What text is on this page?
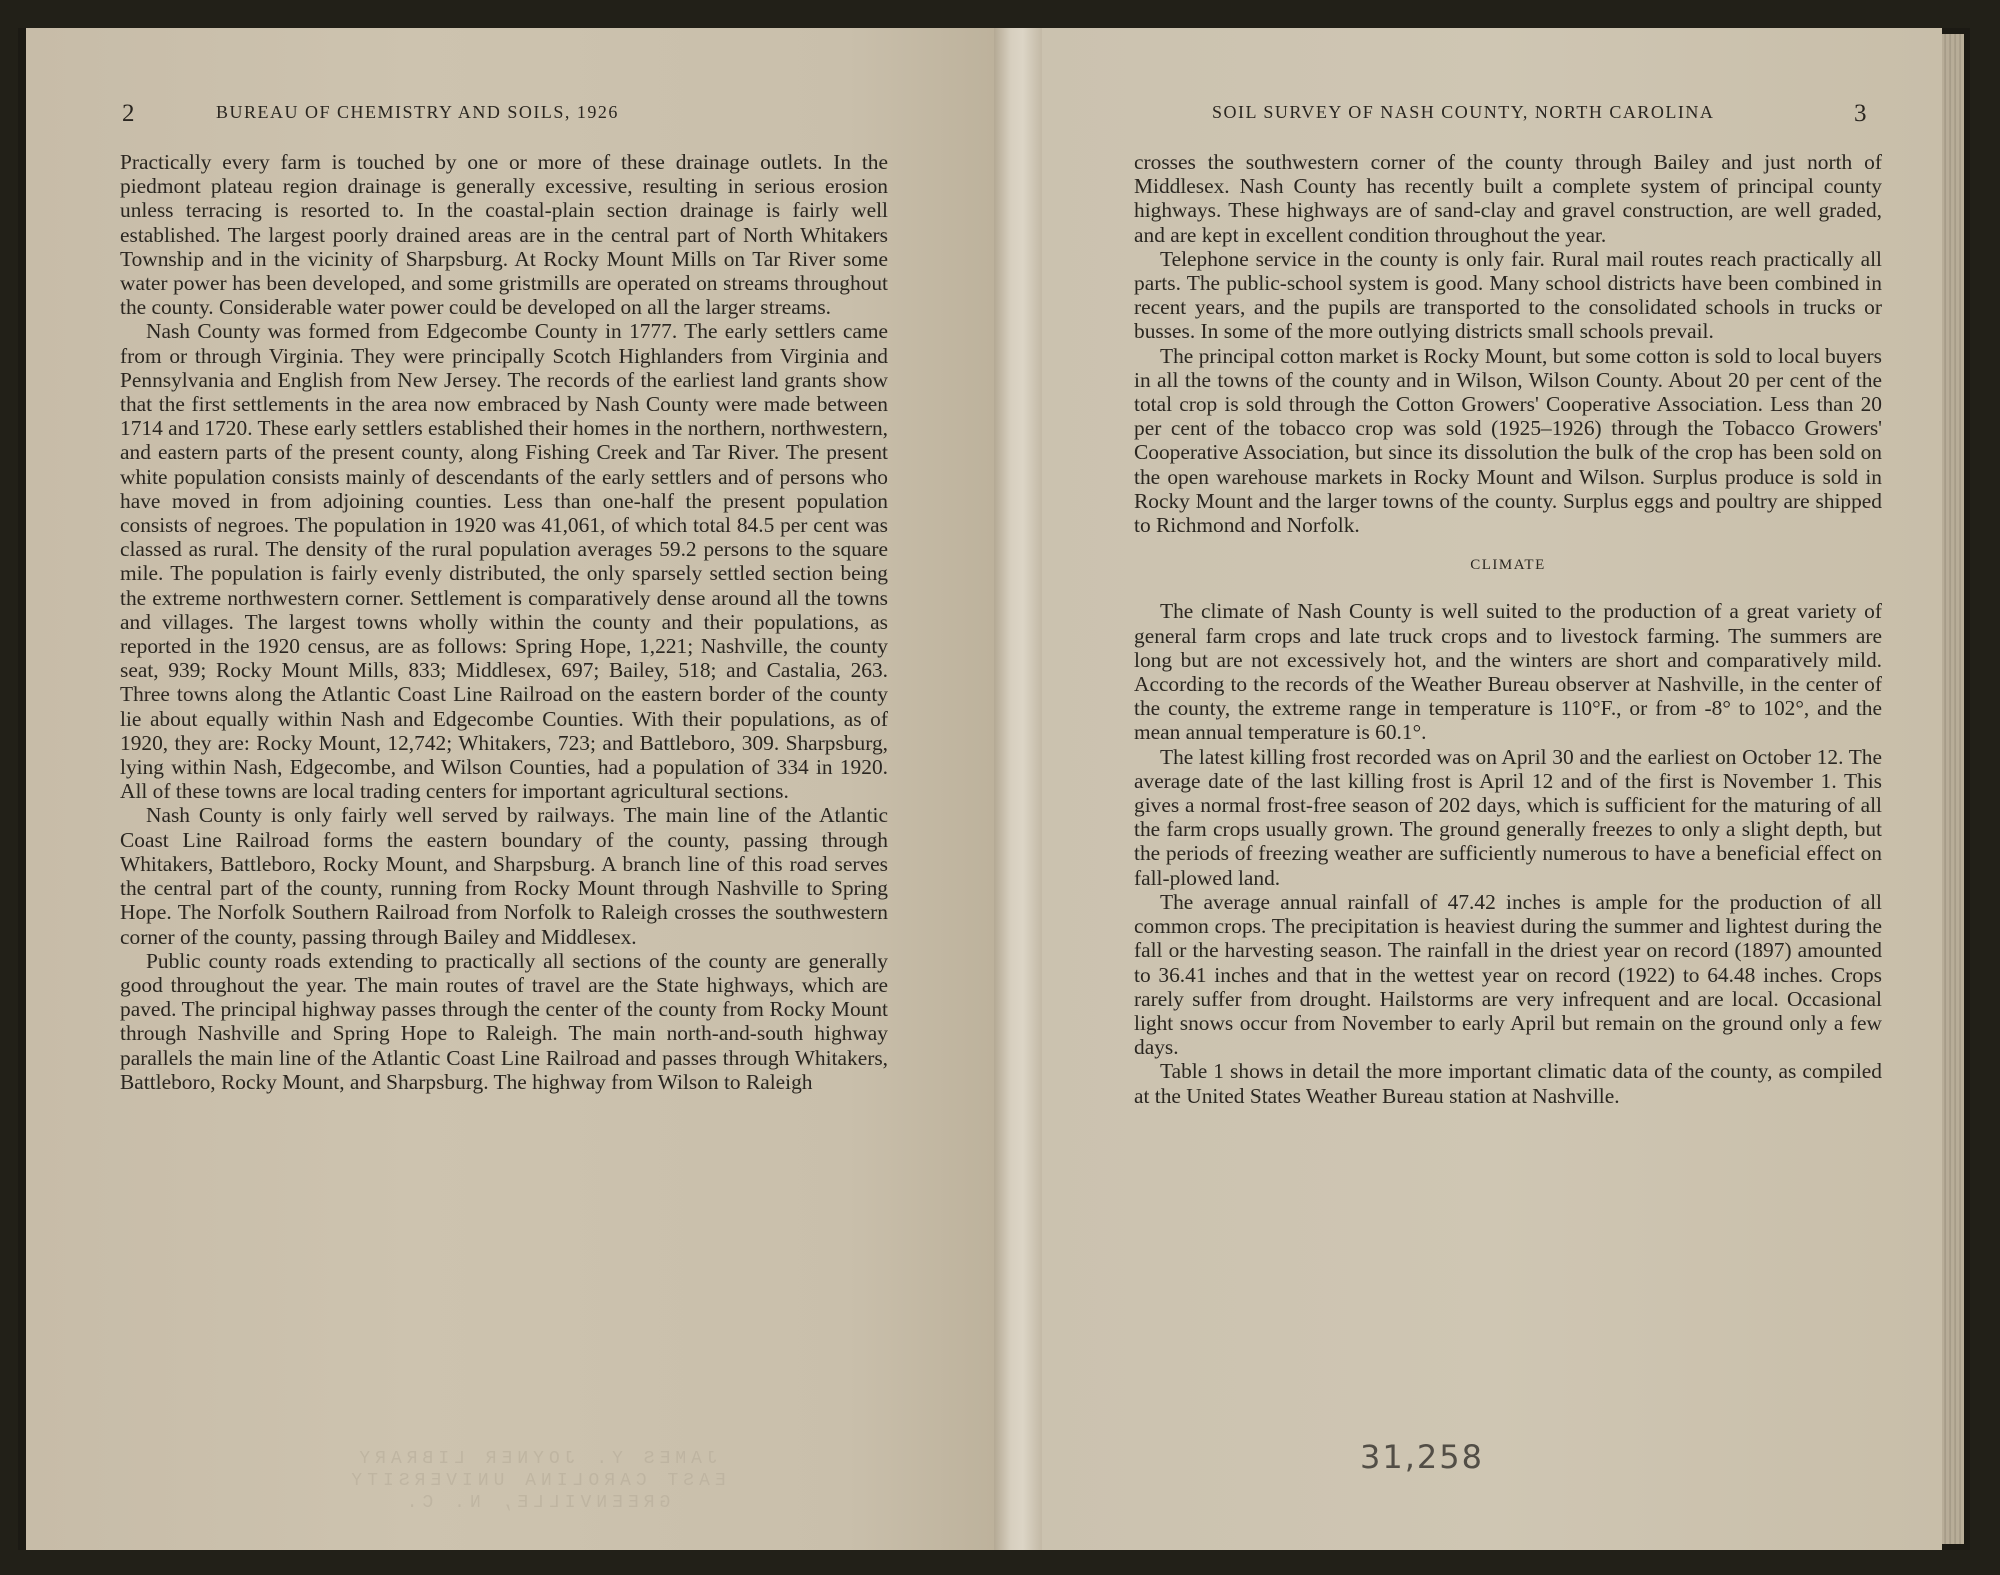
2	BUREAU OF CHEMISTRY AND SOILS, 1926

Practically every farm is touched by one or more of these drainage outlets. In the piedmont plateau region drainage is generally excessive, resulting in serious erosion unless terracing is resorted to. In the coastal-plain section drainage is fairly well established. The largest poorly drained areas are in the central part of North Whitakers Township and in the vicinity of Sharpsburg. At Rocky Mount Mills on Tar River some water power has been developed, and some gristmills are operated on streams throughout the county. Considerable water power could be developed on all the larger streams.

Nash County was formed from Edgecombe County in 1777. The early settlers came from or through Virginia. They were principally Scotch Highlanders from Virginia and Pennsylvania and English from New Jersey. The records of the earliest land grants show that the first settlements in the area now embraced by Nash County were made between 1714 and 1720. These early settlers established their homes in the northern, northwestern, and eastern parts of the present county, along Fishing Creek and Tar River. The present white population consists mainly of descendants of the early settlers and of persons who have moved in from adjoining counties. Less than one-half the present population consists of negroes. The population in 1920 was 41,061, of which total 84.5 per cent was classed as rural. The density of the rural population averages 59.2 persons to the square mile. The population is fairly evenly distributed, the only sparsely settled section being the extreme northwestern corner. Settlement is comparatively dense around all the towns and villages. The largest towns wholly within the county and their populations, as reported in the 1920 census, are as follows: Spring Hope, 1,221; Nashville, the county seat, 939; Rocky Mount Mills, 833; Middlesex, 697; Bailey, 518; and Castalia, 263. Three towns along the Atlantic Coast Line Railroad on the eastern border of the county lie about equally within Nash and Edgecombe Counties. With their populations, as of 1920, they are: Rocky Mount, 12,742; Whitakers, 723; and Battleboro, 309. Sharpsburg, lying within Nash, Edgecombe, and Wilson Counties, had a population of 334 in 1920. All of these towns are local trading centers for important agricultural sections.

Nash County is only fairly well served by railways. The main line of the Atlantic Coast Line Railroad forms the eastern boundary of the county, passing through Whitakers, Battleboro, Rocky Mount, and Sharpsburg. A branch line of this road serves the central part of the county, running from Rocky Mount through Nashville to Spring Hope. The Norfolk Southern Railroad from Norfolk to Raleigh crosses the southwestern corner of the county, passing through Bailey and Middlesex.

Public county roads extending to practically all sections of the county are generally good throughout the year. The main routes of travel are the State highways, which are paved. The principal highway passes through the center of the county from Rocky Mount through Nashville and Spring Hope to Raleigh. The main north-and-south highway parallels the main line of the Atlantic Coast Line Railroad and passes through Whitakers, Battleboro, Rocky Mount, and Sharpsburg. The highway from Wilson to Raleigh

JAMES Y. JOYNER LIBRARY
EAST CAROLINA UNIVERSITY
GREENVILLE, N. C.
SOIL SURVEY OF NASH COUNTY, NORTH CAROLINA	3

crosses the southwestern corner of the county through Bailey and just north of Middlesex. Nash County has recently built a complete system of principal county highways. These highways are of sand-clay and gravel construction, are well graded, and are kept in excellent condition throughout the year.

Telephone service in the county is only fair. Rural mail routes reach practically all parts. The public-school system is good. Many school districts have been combined in recent years, and the pupils are transported to the consolidated schools in trucks or busses. In some of the more outlying districts small schools prevail.

The principal cotton market is Rocky Mount, but some cotton is sold to local buyers in all the towns of the county and in Wilson, Wilson County. About 20 per cent of the total crop is sold through the Cotton Growers' Cooperative Association. Less than 20 per cent of the tobacco crop was sold (1925–1926) through the Tobacco Growers' Cooperative Association, but since its dissolution the bulk of the crop has been sold on the open warehouse markets in Rocky Mount and Wilson. Surplus produce is sold in Rocky Mount and the larger towns of the county. Surplus eggs and poultry are shipped to Richmond and Norfolk.

CLIMATE

The climate of Nash County is well suited to the production of a great variety of general farm crops and late truck crops and to livestock farming. The summers are long but are not excessively hot, and the winters are short and comparatively mild. According to the records of the Weather Bureau observer at Nashville, in the center of the county, the extreme range in temperature is 110°F., or from -8° to 102°, and the mean annual temperature is 60.1°.

The latest killing frost recorded was on April 30 and the earliest on October 12. The average date of the last killing frost is April 12 and of the first is November 1. This gives a normal frost-free season of 202 days, which is sufficient for the maturing of all the farm crops usually grown. The ground generally freezes to only a slight depth, but the periods of freezing weather are sufficiently numerous to have a beneficial effect on fall-plowed land.

The average annual rainfall of 47.42 inches is ample for the production of all common crops. The precipitation is heaviest during the summer and lightest during the fall or the harvesting season. The rainfall in the driest year on record (1897) amounted to 36.41 inches and that in the wettest year on record (1922) to 64.48 inches. Crops rarely suffer from drought. Hailstorms are very infrequent and are local. Occasional light snows occur from November to early April but remain on the ground only a few days.

Table 1 shows in detail the more important climatic data of the county, as compiled at the United States Weather Bureau station at Nashville.

31,258
